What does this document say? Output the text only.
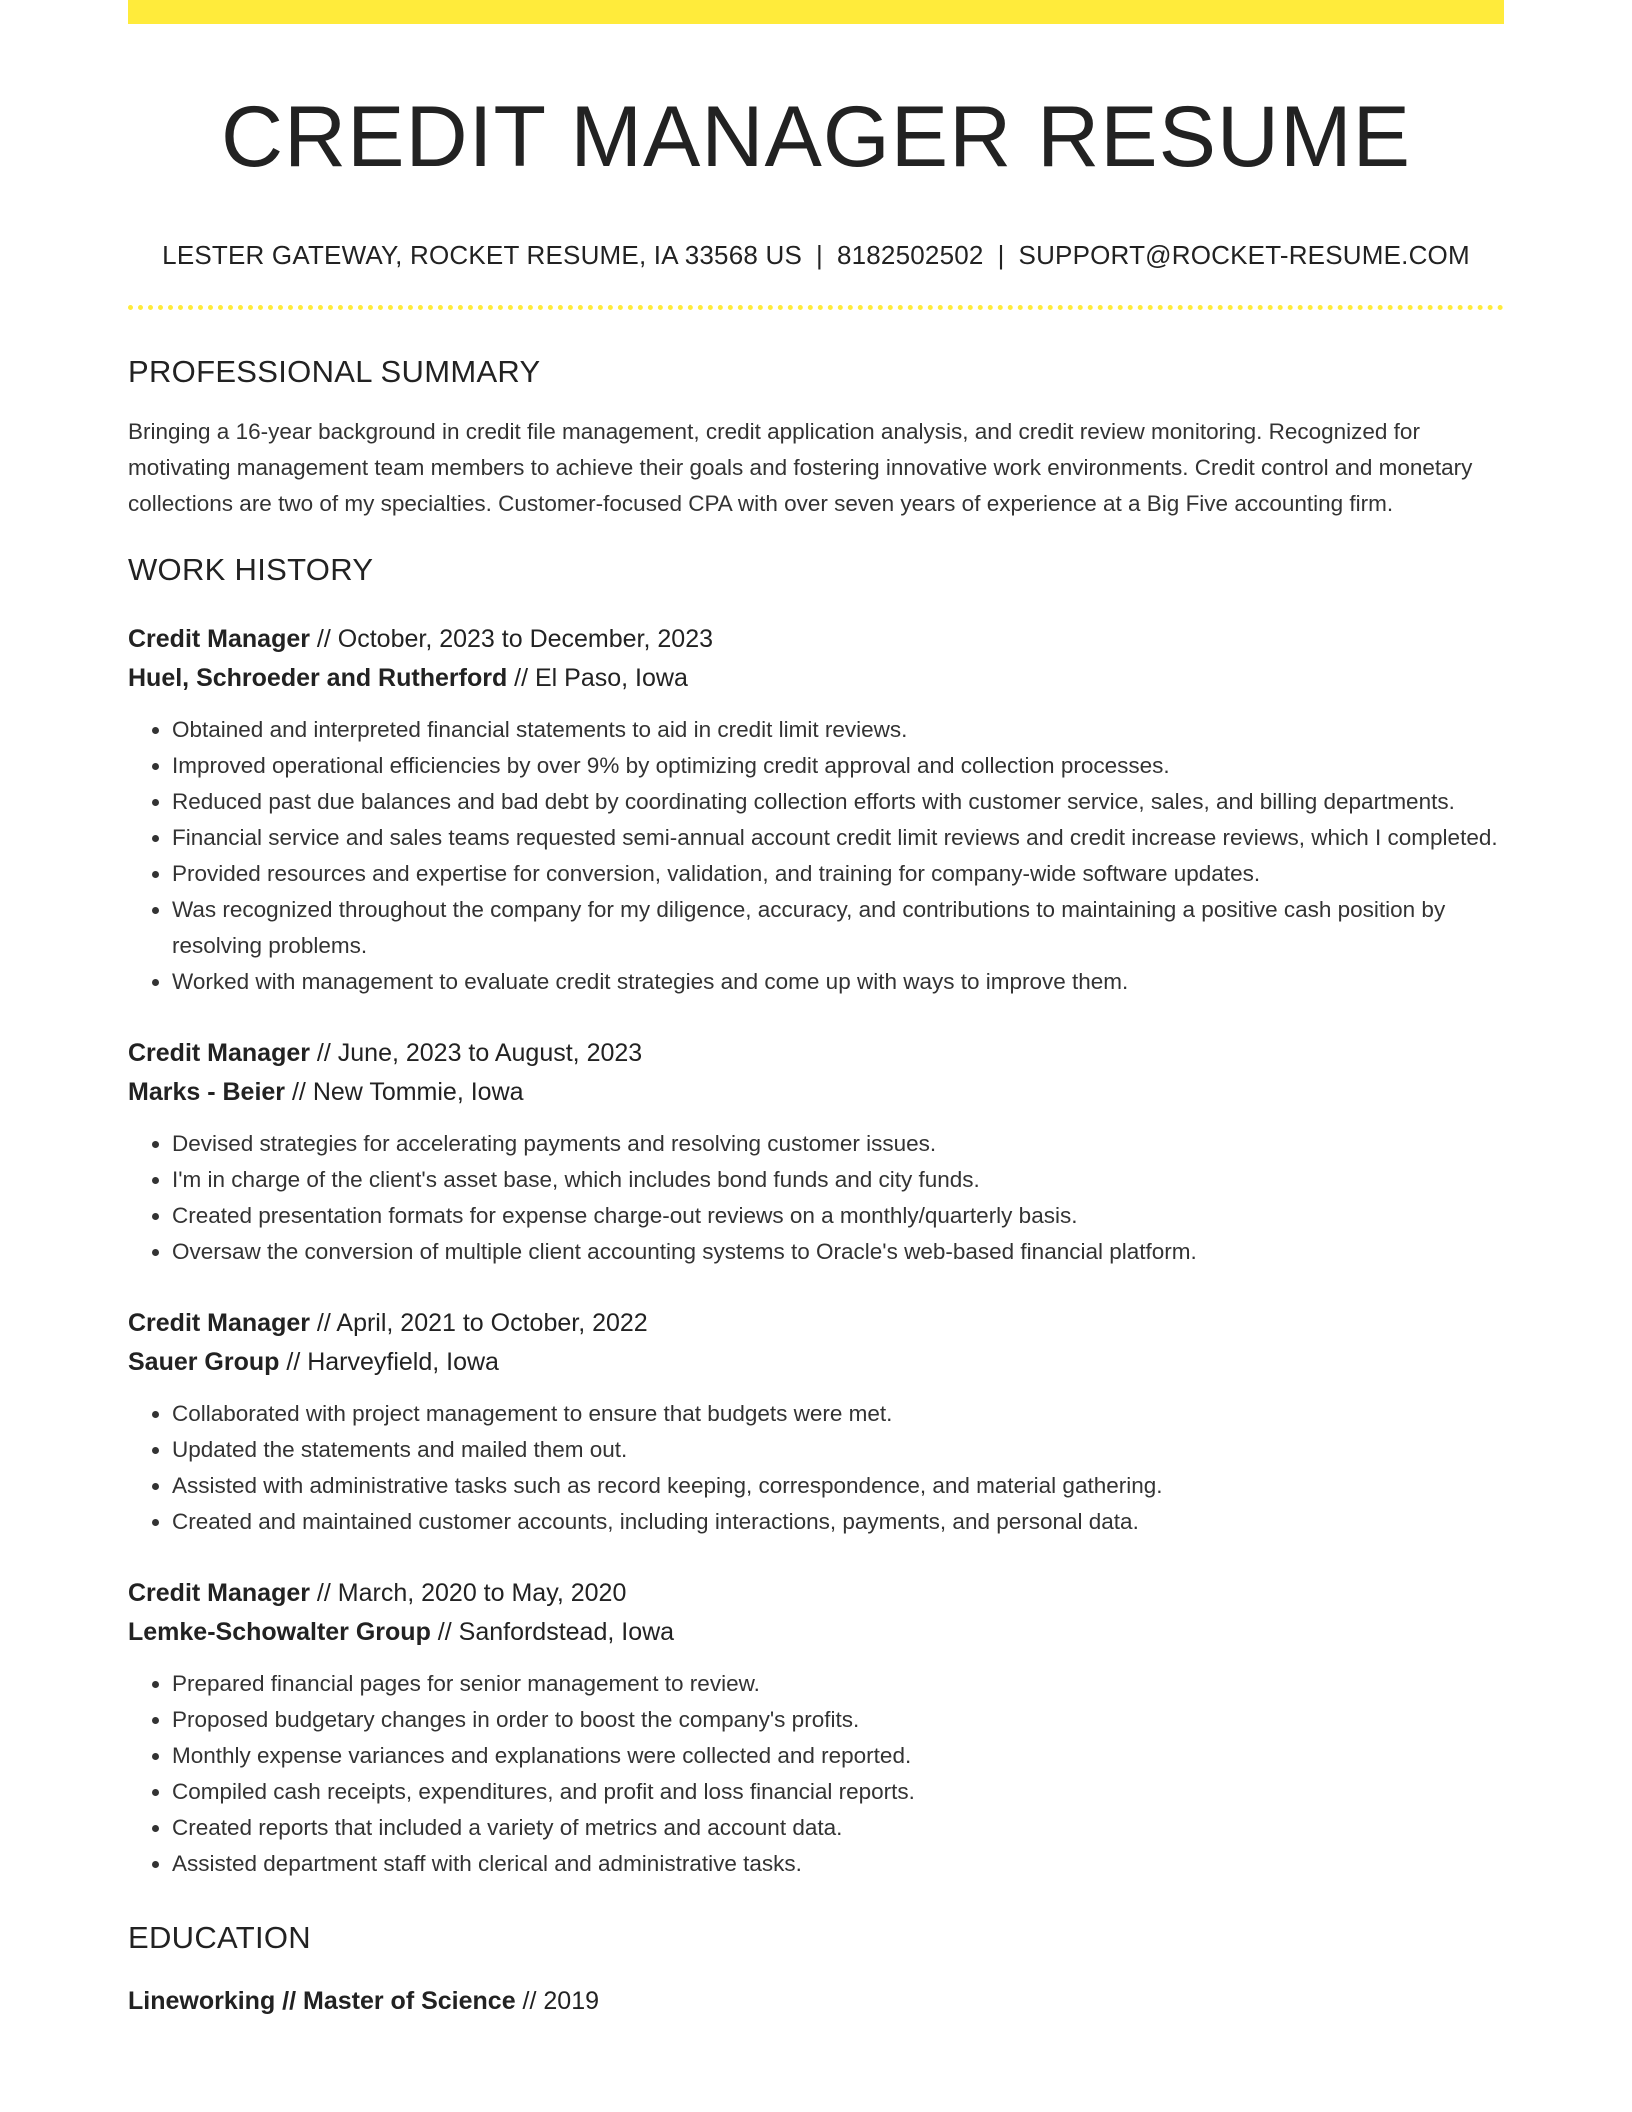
CREDIT MANAGER RESUME
LESTER GATEWAY, ROCKET RESUME, IA 33568 US | 8182502502 | SUPPORT@ROCKET-RESUME.COM
PROFESSIONAL SUMMARY

Bringing a 16-year background in credit file management, credit application analysis, and credit review monitoring. Recognized for motivating management team members to achieve their goals and fostering innovative work environments. Credit control and monetary collections are two of my specialties. Customer-focused CPA with over seven years of experience at a Big Five accounting firm.

WORK HISTORY
Credit Manager // October, 2023 to December, 2023
Huel, Schroeder and Rutherford // El Paso, Iowa
• Obtained and interpreted financial statements to aid in credit limit reviews.
• Improved operational efficiencies by over 9% by optimizing credit approval and collection processes.
• Reduced past due balances and bad debt by coordinating collection efforts with customer service, sales, and billing departments.
• Financial service and sales teams requested semi-annual account credit limit reviews and credit increase reviews, which I completed.
• Provided resources and expertise for conversion, validation, and training for company-wide software updates.
• Was recognized throughout the company for my diligence, accuracy, and contributions to maintaining a positive cash position by resolving problems.
• Worked with management to evaluate credit strategies and come up with ways to improve them.
Credit Manager // June, 2023 to August, 2023
Marks - Beier // New Tommie, Iowa
• Devised strategies for accelerating payments and resolving customer issues.
• I'm in charge of the client's asset base, which includes bond funds and city funds.
• Created presentation formats for expense charge-out reviews on a monthly/quarterly basis.
• Oversaw the conversion of multiple client accounting systems to Oracle's web-based financial platform.
Credit Manager // April, 2021 to October, 2022
Sauer Group // Harveyfield, Iowa
• Collaborated with project management to ensure that budgets were met.
• Updated the statements and mailed them out.
• Assisted with administrative tasks such as record keeping, correspondence, and material gathering.
• Created and maintained customer accounts, including interactions, payments, and personal data.
Credit Manager // March, 2020 to May, 2020
Lemke-Schowalter Group // Sanfordstead, Iowa
• Prepared financial pages for senior management to review.
• Proposed budgetary changes in order to boost the company's profits.
• Monthly expense variances and explanations were collected and reported.
• Compiled cash receipts, expenditures, and profit and loss financial reports.
• Created reports that included a variety of metrics and account data.
• Assisted department staff with clerical and administrative tasks.
EDUCATION
Lineworking // Master of Science // 2019
